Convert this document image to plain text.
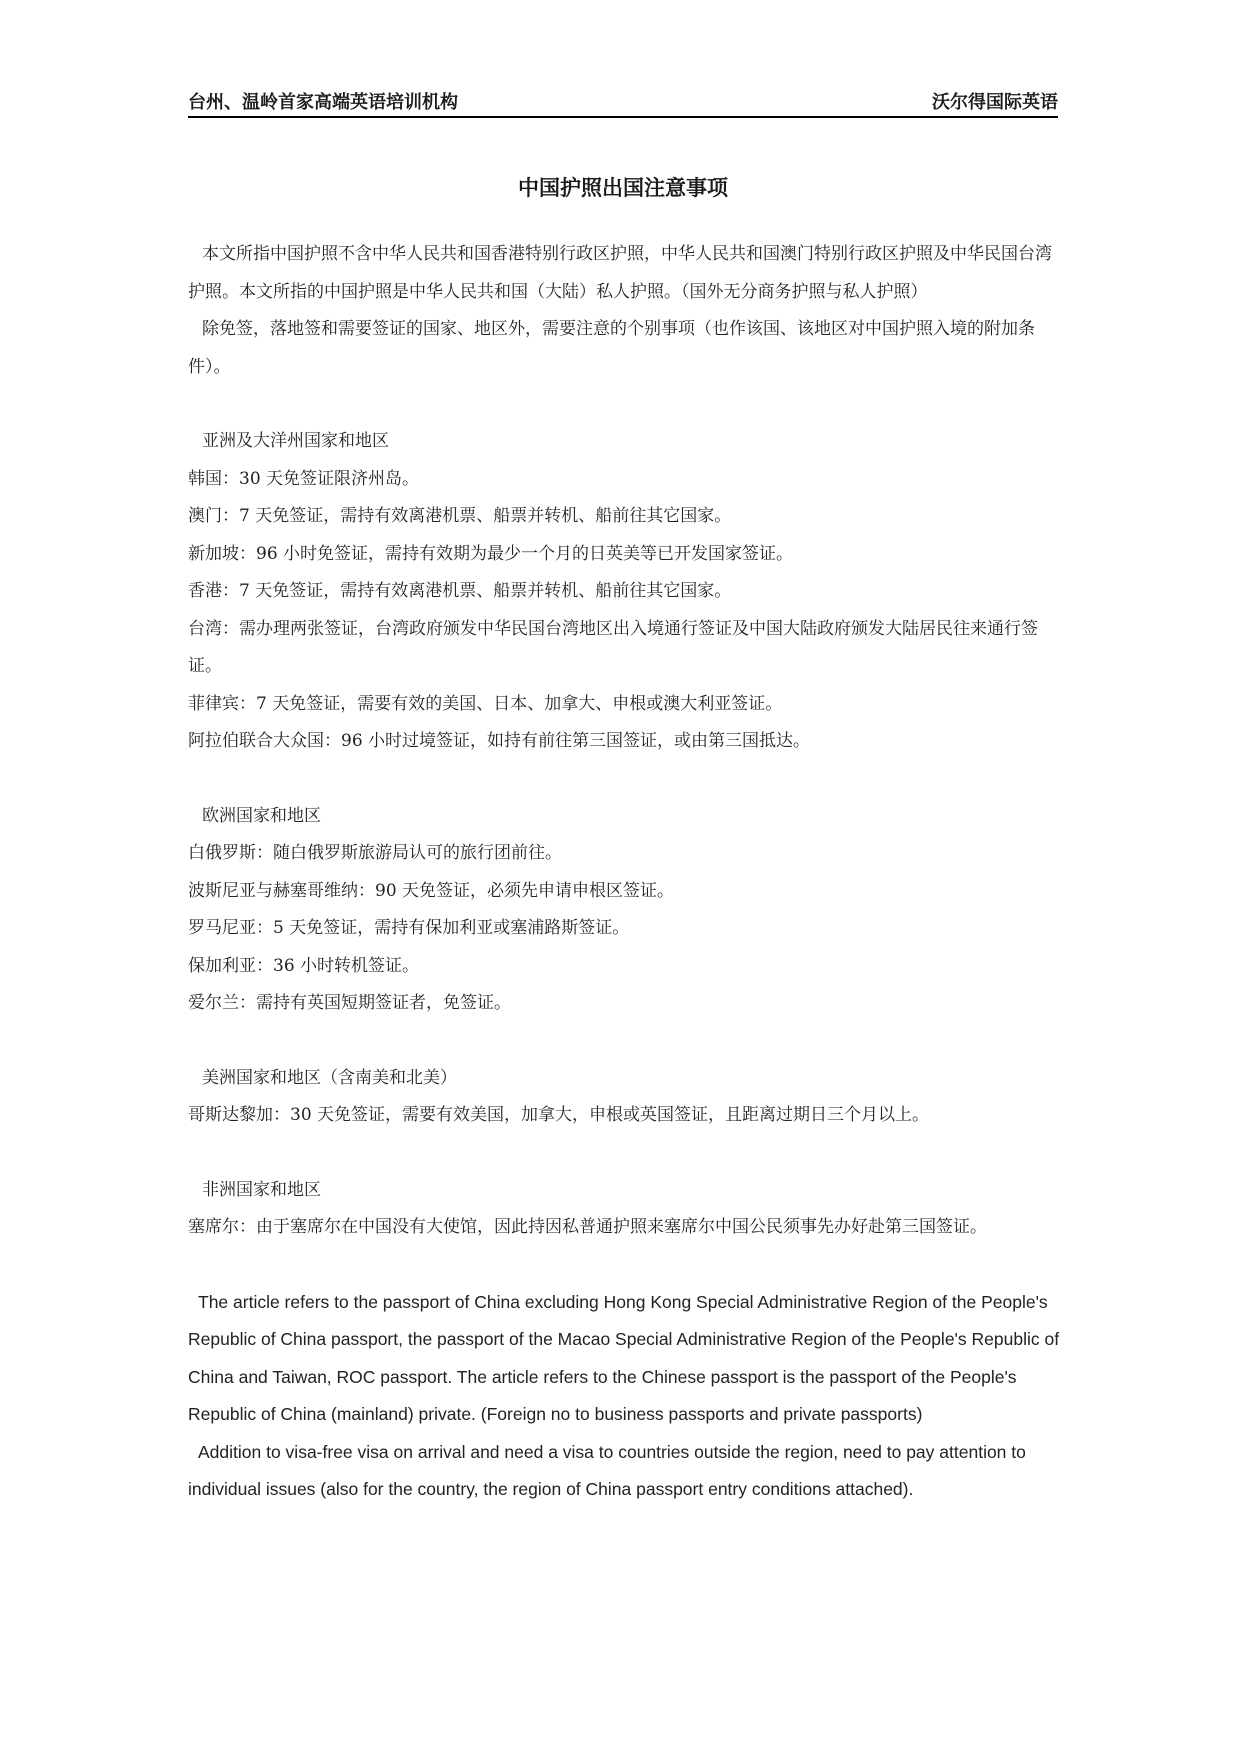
台州、温岭首家高端英语培训机构	沃尔得国际英语
中国护照出国注意事项

本文所指中国护照不含中华人民共和国香港特别行政区护照，中华人民共和国澳门特别行政区护照及中华民国台湾护照。本文所指的中国护照是中华人民共和国（大陆）私人护照。（国外无分商务护照与私人护照）

除免签，落地签和需要签证的国家、地区外，需要注意的个别事项（也作该国、该地区对中国护照入境的附加条件）。

亚洲及大洋州国家和地区

韩国：30 天免签证限济州岛。

澳门：7 天免签证，需持有效离港机票、船票并转机、船前往其它国家。

新加坡：96 小时免签证，需持有效期为最少一个月的日英美等已开发国家签证。

香港：7 天免签证，需持有效离港机票、船票并转机、船前往其它国家。

台湾：需办理两张签证，台湾政府颁发中华民国台湾地区出入境通行签证及中国大陆政府颁发大陆居民往来通行签证。

菲律宾：7 天免签证，需要有效的美国、日本、加拿大、申根或澳大利亚签证。

阿拉伯联合大众国：96 小时过境签证，如持有前往第三国签证，或由第三国抵达。

欧洲国家和地区

白俄罗斯：随白俄罗斯旅游局认可的旅行团前往。

波斯尼亚与赫塞哥维纳：90 天免签证，必须先申请申根区签证。

罗马尼亚：5 天免签证，需持有保加利亚或塞浦路斯签证。

保加利亚：36 小时转机签证。

爱尔兰：需持有英国短期签证者，免签证。

美洲国家和地区（含南美和北美）

哥斯达黎加：30 天免签证，需要有效美国，加拿大，申根或英国签证，且距离过期日三个月以上。

非洲国家和地区

塞席尔：由于塞席尔在中国没有大使馆，因此持因私普通护照来塞席尔中国公民须事先办好赴第三国签证。

The article refers to the passport of China excluding Hong Kong Special Administrative Region of the People's Republic of China passport, the passport of the Macao Special Administrative Region of the People's Republic of China and Taiwan, ROC passport. The article refers to the Chinese passport is the passport of the People's Republic of China (mainland) private. (Foreign no to business passports and private passports)

Addition to visa-free visa on arrival and need a visa to countries outside the region, need to pay attention to individual issues (also for the country, the region of China passport entry conditions attached).
